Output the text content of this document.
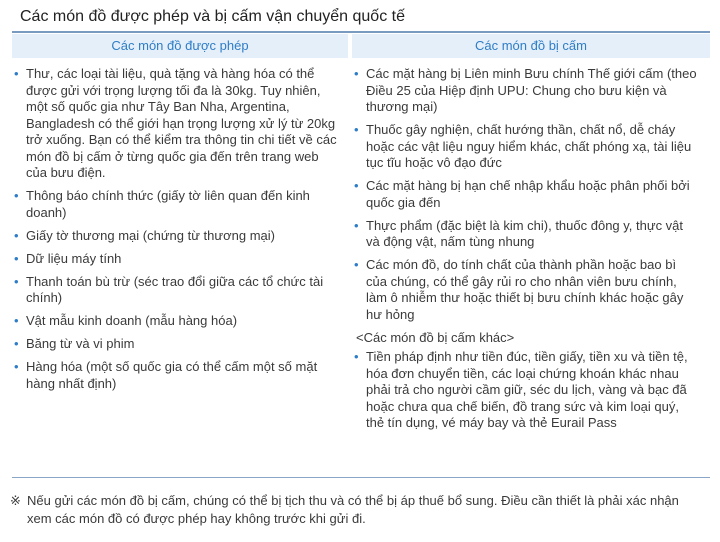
Các món đồ được phép và bị cấm vận chuyển quốc tế
Các món đồ được phép	Các món đồ bị cấm
• Thư, các loại tài liệu, quà tặng và hàng hóa có thể được gửi với trọng lượng tối đa là 30kg. Tuy nhiên, một số quốc gia như Tây Ban Nha, Argentina, Bangladesh có thể giới hạn trọng lượng xử lý từ 20kg trở xuống. Bạn có thể kiểm tra thông tin chi tiết về các món đồ bị cấm ở từng quốc gia đến trên trang web của bưu điện.
• Thông báo chính thức (giấy tờ liên quan đến kinh doanh)
• Giấy tờ thương mại (chứng từ thương mại)
• Dữ liệu máy tính
• Thanh toán bù trừ (séc trao đổi giữa các tổ chức tài chính)
• Vật mẫu kinh doanh (mẫu hàng hóa)
• Băng từ và vi phim
• Hàng hóa (một số quốc gia có thể cấm một số mặt hàng nhất định)
• Các mặt hàng bị Liên minh Bưu chính Thế giới cấm (theo Điều 25 của Hiệp định UPU: Chung cho bưu kiện và thương mại)
• Thuốc gây nghiện, chất hướng thần, chất nổ, dễ cháy hoặc các vật liệu nguy hiểm khác, chất phóng xạ, tài liệu tục tĩu hoặc vô đạo đức
• Các mặt hàng bị hạn chế nhập khẩu hoặc phân phối bởi quốc gia đến
• Thực phẩm (đặc biệt là kim chi), thuốc đông y, thực vật và động vật, nấm tùng nhung
• Các món đồ, do tính chất của thành phần hoặc bao bì của chúng, có thể gây rủi ro cho nhân viên bưu chính, làm ô nhiễm thư hoặc thiết bị bưu chính khác hoặc gây hư hỏng
<Các món đồ bị cấm khác>
• Tiền pháp định như tiền đúc, tiền giấy, tiền xu và tiền tệ, hóa đơn chuyển tiền, các loại chứng khoán khác nhau phải trả cho người cầm giữ, séc du lịch, vàng và bạc đã hoặc chưa qua chế biến, đồ trang sức và kim loại quý, thẻ tín dụng, vé máy bay và thẻ Eurail Pass
※ Nếu gửi các món đồ bị cấm, chúng có thể bị tịch thu và có thể bị áp thuế bổ sung. Điều cần thiết là phải xác nhận xem các món đồ có được phép hay không trước khi gửi đi.
